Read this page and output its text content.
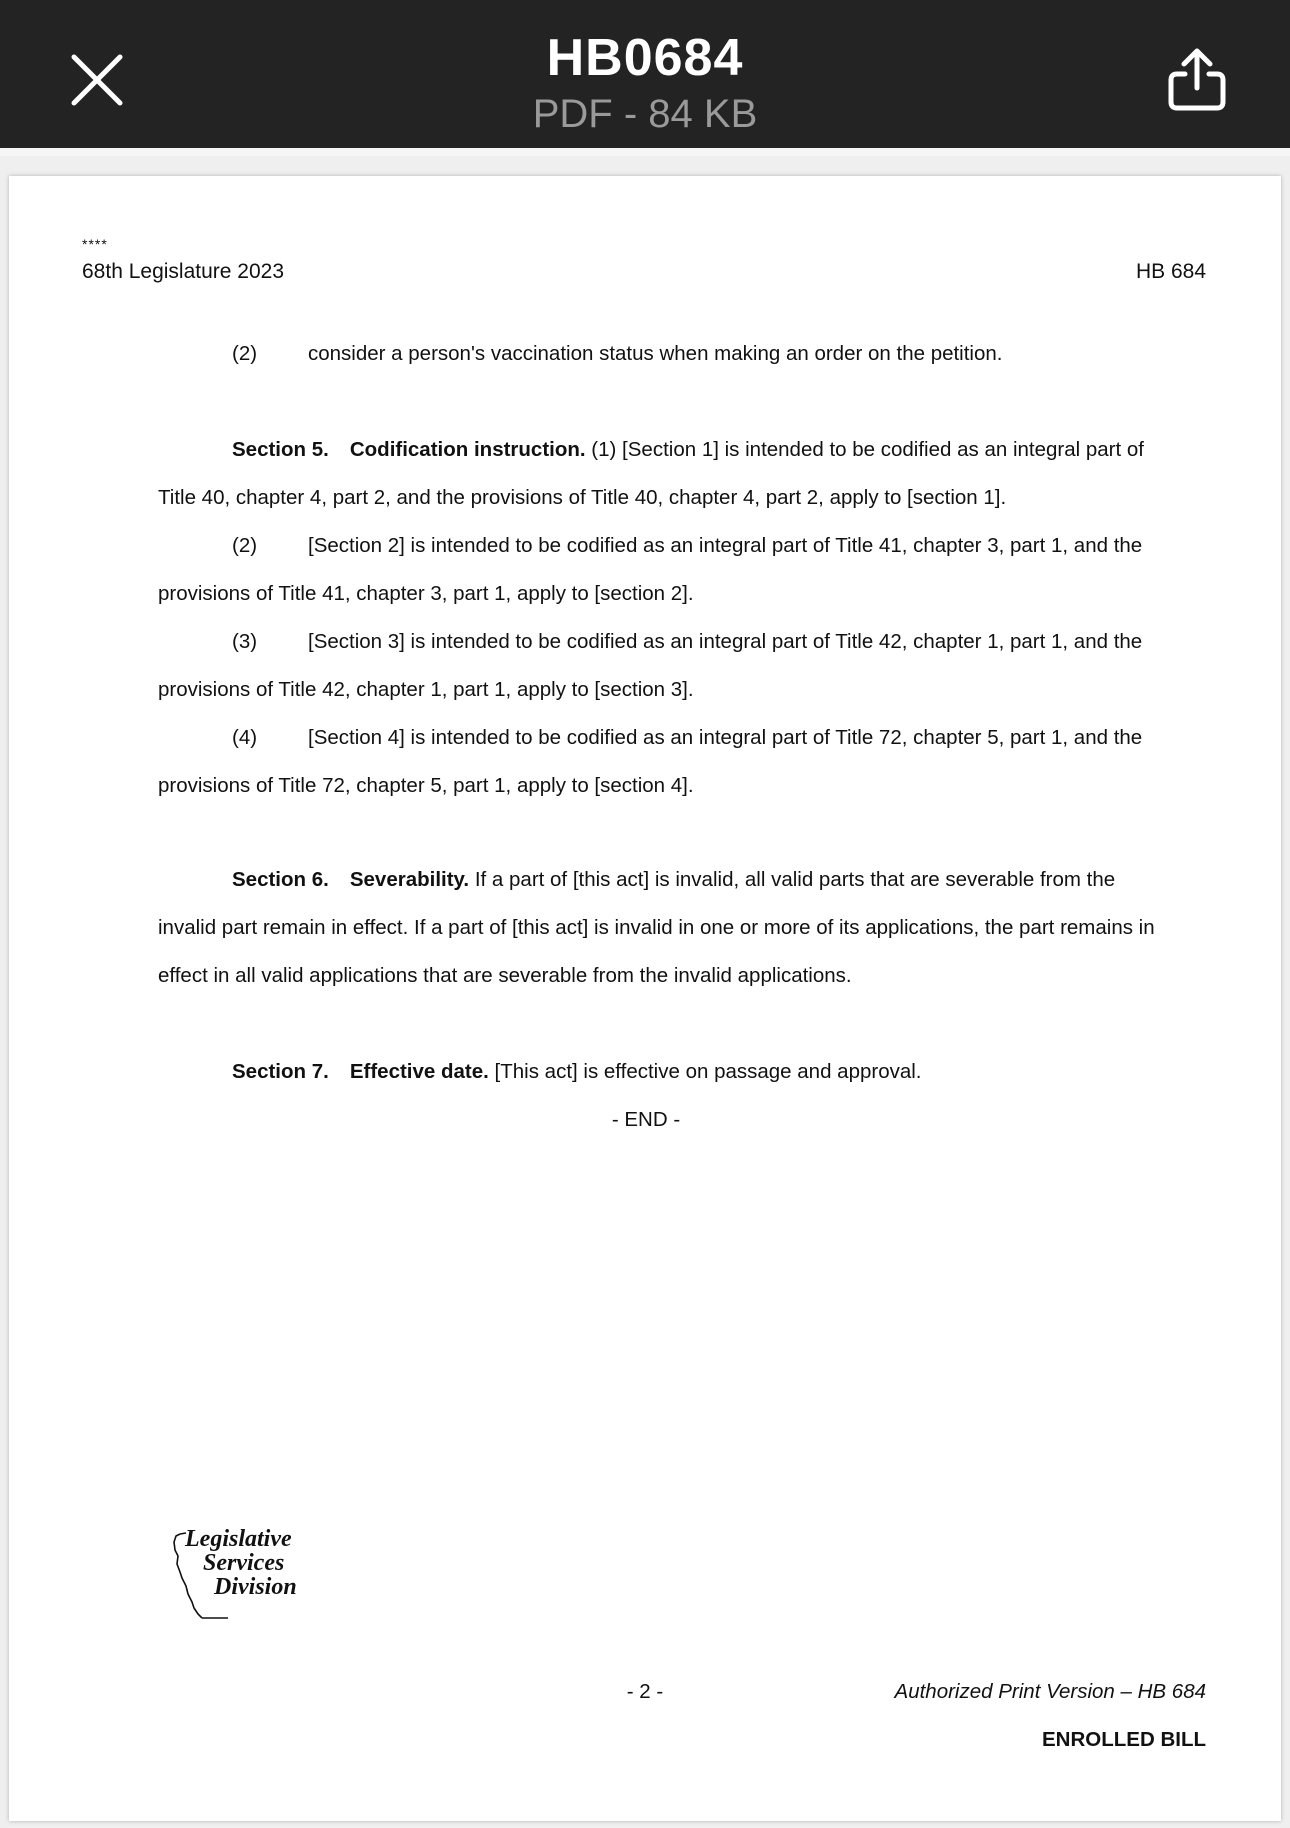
HB0684
PDF - 84 KB
****
68th Legislature 2023	HB 684
(2) consider a person's vaccination status when making an order on the petition.
Section 5. Codification instruction. (1) [Section 1] is intended to be codified as an integral part of
Title 40, chapter 4, part 2, and the provisions of Title 40, chapter 4, part 2, apply to [section 1].
(2) [Section 2] is intended to be codified as an integral part of Title 41, chapter 3, part 1, and the
provisions of Title 41, chapter 3, part 1, apply to [section 2].
(3) [Section 3] is intended to be codified as an integral part of Title 42, chapter 1, part 1, and the
provisions of Title 42, chapter 1, part 1, apply to [section 3].
(4) [Section 4] is intended to be codified as an integral part of Title 72, chapter 5, part 1, and the
provisions of Title 72, chapter 5, part 1, apply to [section 4].
Section 6. Severability. If a part of [this act] is invalid, all valid parts that are severable from the
invalid part remain in effect. If a part of [this act] is invalid in one or more of its applications, the part remains in
effect in all valid applications that are severable from the invalid applications.
Section 7. Effective date. [This act] is effective on passage and approval.
- END -
- 2 -	Authorized Print Version – HB 684
ENROLLED BILL
Legislative
Services
Division
